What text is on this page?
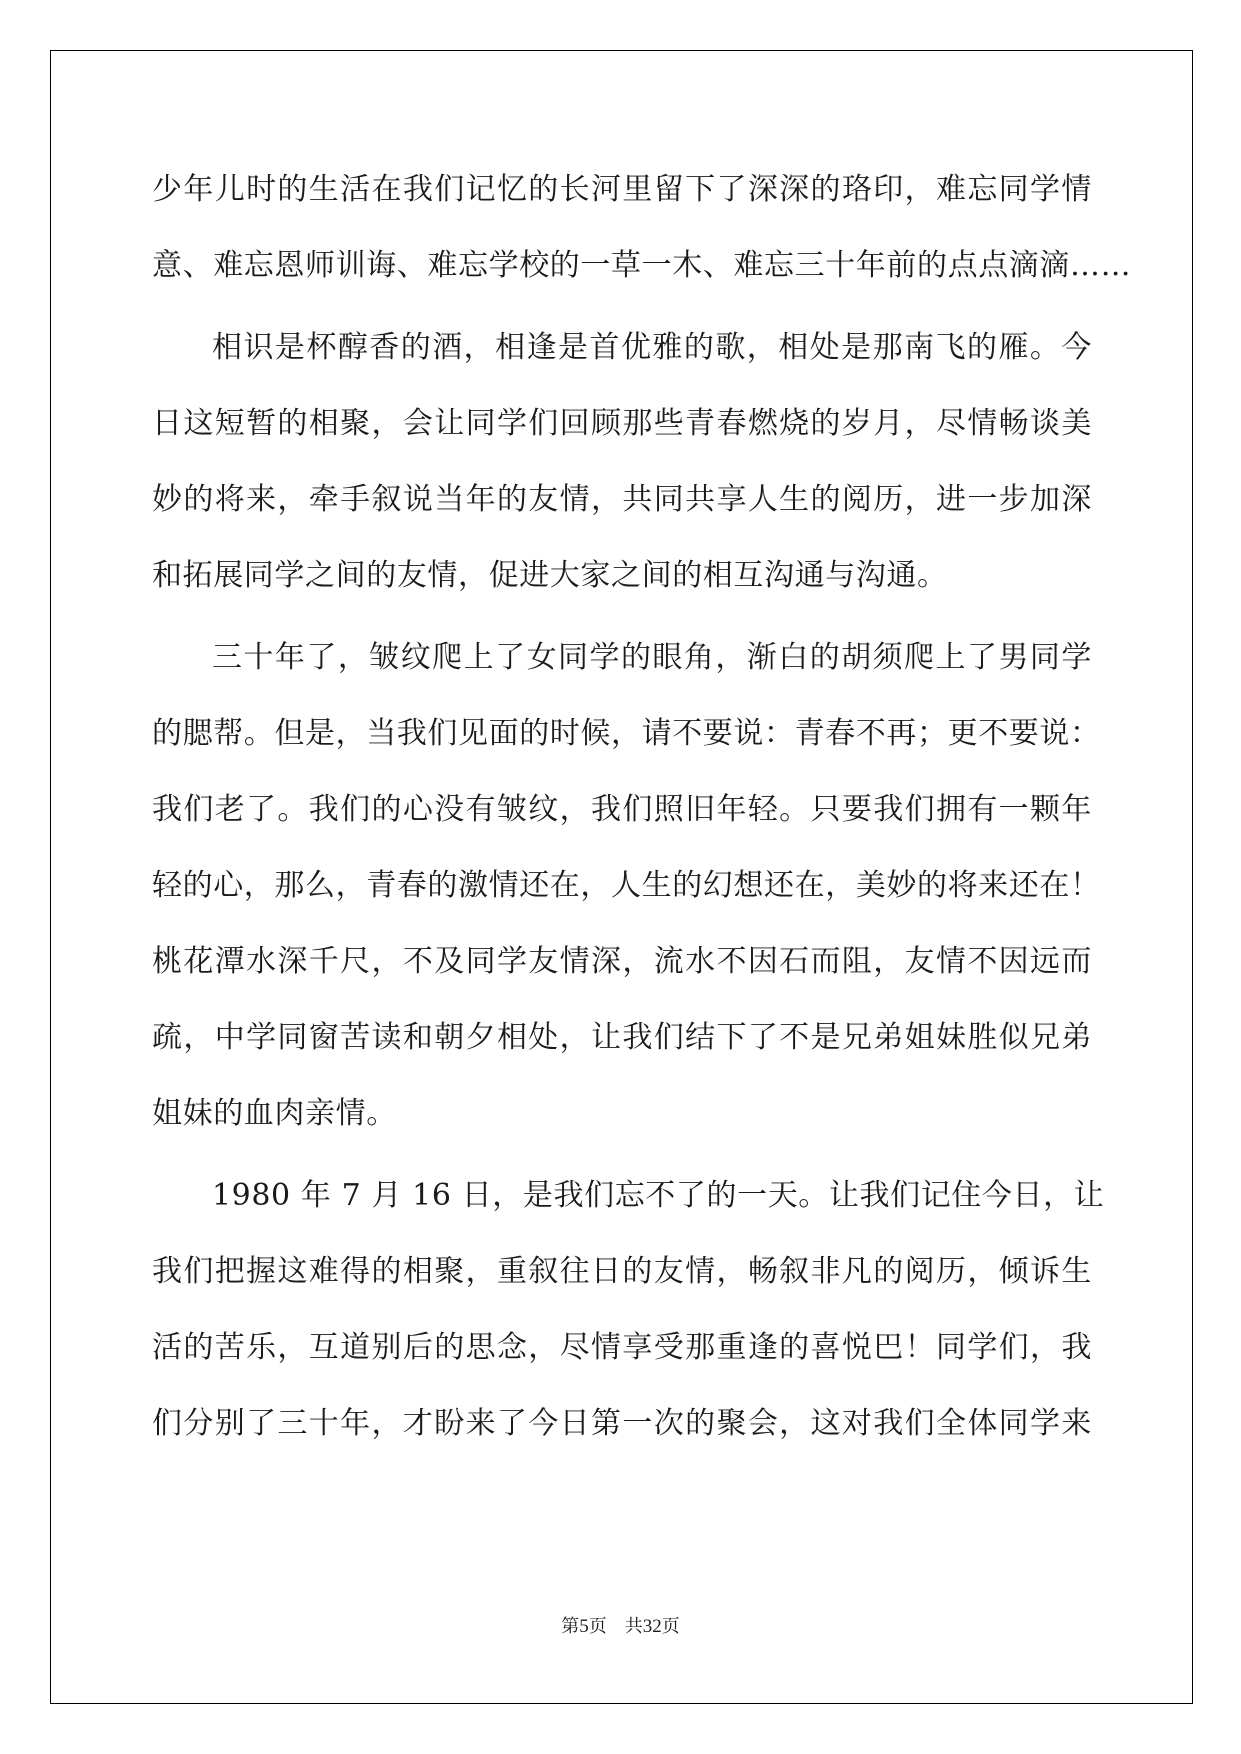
少年儿时的生活在我们记忆的长河里留下了深深的珞印，难忘同学情
意、难忘恩师训诲、难忘学校的一草一木、难忘三十年前的点点滴滴……
相识是杯醇香的酒，相逢是首优雅的歌，相处是那南飞的雁。今
日这短暂的相聚，会让同学们回顾那些青春燃烧的岁月，尽情畅谈美
妙的将来，牵手叙说当年的友情，共同共享人生的阅历，进一步加深
和拓展同学之间的友情，促进大家之间的相互沟通与沟通。
三十年了，皱纹爬上了女同学的眼角，渐白的胡须爬上了男同学
的腮帮。但是，当我们见面的时候，请不要说：青春不再；更不要说：
我们老了。我们的心没有皱纹，我们照旧年轻。只要我们拥有一颗年
轻的心，那么，青春的激情还在，人生的幻想还在，美妙的将来还在！
桃花潭水深千尺，不及同学友情深，流水不因石而阻，友情不因远而
疏，中学同窗苦读和朝夕相处，让我们结下了不是兄弟姐妹胜似兄弟
姐妹的血肉亲情。
1980 年 7 月 16 日，是我们忘不了的一天。让我们记住今日，让
我们把握这难得的相聚，重叙往日的友情，畅叙非凡的阅历，倾诉生
活的苦乐，互道别后的思念，尽情享受那重逢的喜悦巴！同学们，我
们分别了三十年，才盼来了今日第一次的聚会，这对我们全体同学来
第5页 共32页
